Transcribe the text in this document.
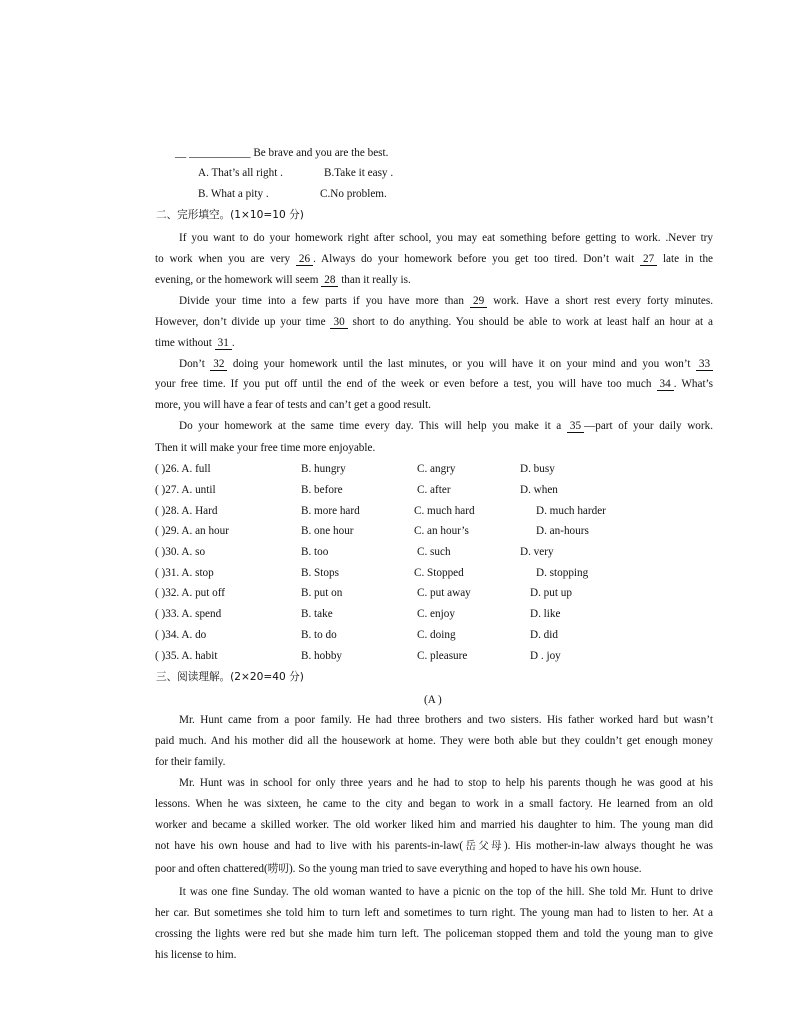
__ ___________ Be brave and you are the best.
A. That’s all right .	B.Take it easy .
B. What a pity .	C.No problem.
二、完形填空。(1×10=10 分)
If you want to do your homework right after school, you may eat something before getting to work. .Never try
to work when you are very 26 . Always do your homework before you get too tired. Don’t wait 27 late in the
evening, or the homework will seem 28 than it really is.
Divide your time into a few parts if you have more than 29 work. Have a short rest every forty minutes.
However, don’t divide up your time 30 short to do anything. You should be able to work at least half an hour at a
time without 31 .
Don’t 32 doing your homework until the last minutes, or you will have it on your mind and you won’t 33
your free time. If you put off until the end of the week or even before a test, you will have too much 34 . What’s
more, you will have a fear of tests and can’t get a good result.
Do your homework at the same time every day. This will help you make it a 35 —part of your daily work.
Then it will make your free time more enjoyable.
( )26. A. full	B. hungry	C. angry	D. busy
( )27. A. until	B. before	C. after	D. when
( )28. A. Hard	B. more hard	C. much hard	D. much harder
( )29. A. an hour	B. one hour	C. an hour’s	D. an-hours
( )30. A. so	B. too	C. such	D. very
( )31. A. stop	B. Stops	C. Stopped	D. stopping
( )32. A. put off	B. put on	C. put away	D. put up
( )33. A. spend	B. take	C. enjoy	D. like
( )34. A. do	B. to do	C. doing	D. did
( )35. A. habit	B. hobby	C. pleasure	D . joy
三、阅读理解。(2×20=40 分)
(A )
Mr. Hunt came from a poor family. He had three brothers and two sisters. His father worked hard but wasn’t
paid much. And his mother did all the housework at home. They were both able but they couldn’t get enough money
for their family.
Mr. Hunt was in school for only three years and he had to stop to help his parents though he was good at his
lessons. When he was sixteen, he came to the city and began to work in a small factory. He learned from an old
worker and became a skilled worker. The old worker liked him and married his daughter to him. The young man did
not have his own house and had to live with his parents-in-law(岳父母). His mother-in-law always thought he was
poor and often chattered(唠叨). So the young man tried to save everything and hoped to have his own house.
It was one fine Sunday. The old woman wanted to have a picnic on the top of the hill. She told Mr. Hunt to drive
her car. But sometimes she told him to turn left and sometimes to turn right. The young man had to listen to her. At a
crossing the lights were red but she made him turn left. The policeman stopped them and told the young man to give
his license to him.
